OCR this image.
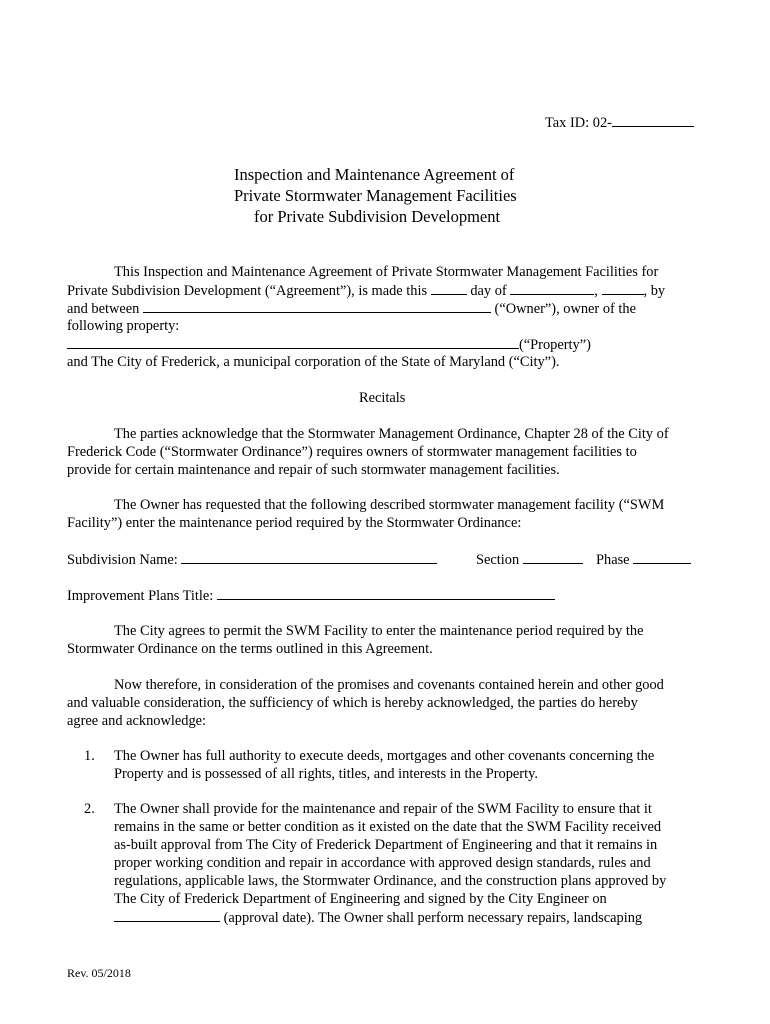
Tax ID: 02-
Inspection and Maintenance Agreement of
Private Stormwater Management Facilities
for Private Subdivision Development
This Inspection and Maintenance Agreement of Private Stormwater Management Facilities for
Private Subdivision Development (“Agreement”), is made this	day of	,	, by
and between	(“Owner”), owner of the
following property:
(“Property”)
and The City of Frederick, a municipal corporation of the State of Maryland (“City”).
Recitals
The parties acknowledge that the Stormwater Management Ordinance, Chapter 28 of the City of
Frederick Code (“Stormwater Ordinance”) requires owners of stormwater management facilities to
provide for certain maintenance and repair of such stormwater management facilities.
The Owner has requested that the following described stormwater management facility (“SWM
Facility”) enter the maintenance period required by the Stormwater Ordinance:
Subdivision Name:	Section	Phase
Improvement Plans Title:
The City agrees to permit the SWM Facility to enter the maintenance period required by the
Stormwater Ordinance on the terms outlined in this Agreement.
Now therefore, in consideration of the promises and covenants contained herein and other good
and valuable consideration, the sufficiency of which is hereby acknowledged, the parties do hereby
agree and acknowledge:
1. The Owner has full authority to execute deeds, mortgages and other covenants concerning the
Property and is possessed of all rights, titles, and interests in the Property.
2. The Owner shall provide for the maintenance and repair of the SWM Facility to ensure that it
remains in the same or better condition as it existed on the date that the SWM Facility received
as-built approval from The City of Frederick Department of Engineering and that it remains in
proper working condition and repair in accordance with approved design standards, rules and
regulations, applicable laws, the Stormwater Ordinance, and the construction plans approved by
The City of Frederick Department of Engineering and signed by the City Engineer on
(approval date). The Owner shall perform necessary repairs, landscaping
Rev. 05/2018
